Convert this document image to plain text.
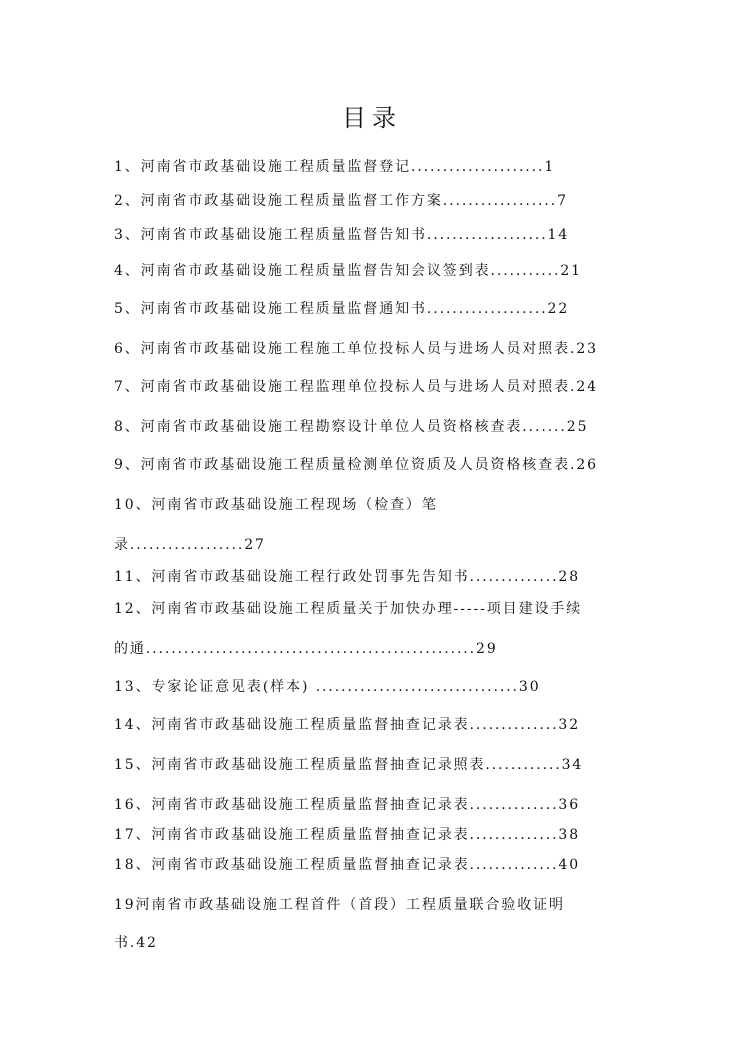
目录
1、河南省市政基础设施工程质量监督登记.....................1
2、河南省市政基础设施工程质量监督工作方案..................7
3、河南省市政基础设施工程质量监督告知书...................14
4、河南省市政基础设施工程质量监督告知会议签到表...........21
5、河南省市政基础设施工程质量监督通知书...................22
6、河南省市政基础设施工程施工单位投标人员与进场人员对照表.23
7、河南省市政基础设施工程监理单位投标人员与进场人员对照表.24
8、河南省市政基础设施工程勘察设计单位人员资格核查表.......25
9、河南省市政基础设施工程质量检测单位资质及人员资格核查表.26
10、河南省市政基础设施工程现场（检查）笔
录..................27
11、河南省市政基础设施工程行政处罚事先告知书..............28
12、河南省市政基础设施工程质量关于加快办理-----项目建设手续
的通....................................................29
13、专家论证意见表(样本) ................................30
14、河南省市政基础设施工程质量监督抽查记录表..............32
15、河南省市政基础设施工程质量监督抽查记录照表............34
16、河南省市政基础设施工程质量监督抽查记录表..............36
17、河南省市政基础设施工程质量监督抽查记录表..............38
18、河南省市政基础设施工程质量监督抽查记录表..............40
19河南省市政基础设施工程首件（首段）工程质量联合验收证明
书.42
